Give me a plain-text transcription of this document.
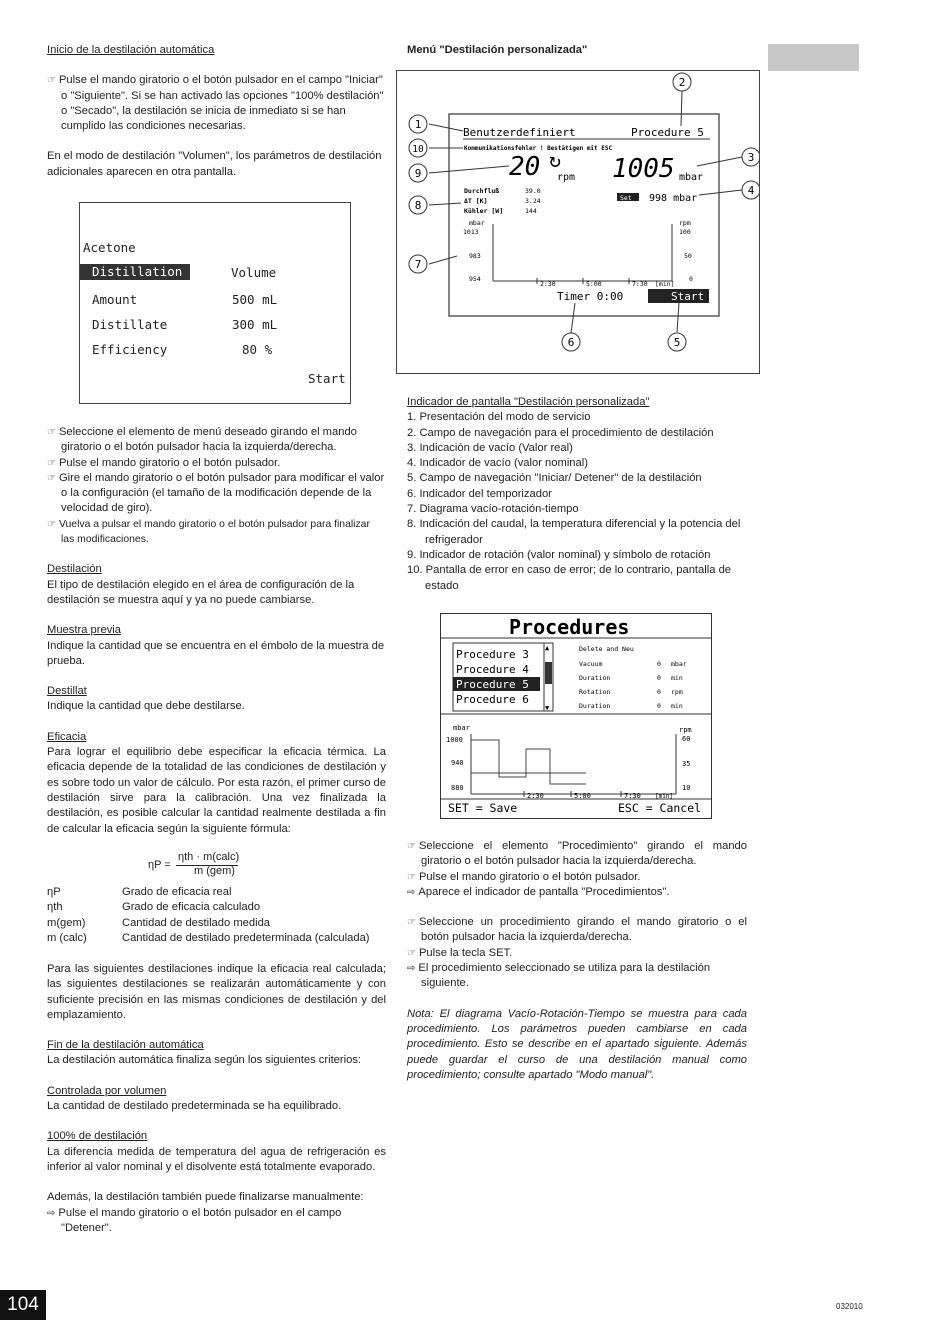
Inicio de la destilación automática

☞ Pulse el mando giratorio o el botón pulsador en el campo "Iniciar" o "Siguiente". Si se han activado las opciones "100% destilación" o "Secado", la destilación se inicia de inmediato si se han cumplido las condiciones necesarias.

En el modo de destilación "Volumen", los parámetros de destilación adicionales aparecen en otra pantalla.

Acetone
Distillation :
Volume
Amount	500 mL
Distillate	300 mL
Efficiency	80 %
Start

☞ Seleccione el elemento de menú deseado girando el mando giratorio o el botón pulsador hacia la izquierda/derecha.

☞ Pulse el mando giratorio o el botón pulsador.

☞ Gire el mando giratorio o el botón pulsador para modificar el valor o la configuración (el tamaño de la modificación depende de la velocidad de giro).

☞ Vuelva a pulsar el mando giratorio o el botón pulsador para finalizar las modificaciones.

Destilación

El tipo de destilación elegido en el área de configuración de la destilación se muestra aquí y ya no puede cambiarse.

Muestra previa

Indique la cantidad que se encuentra en el émbolo de la muestra de prueba.

Destillat

Indique la cantidad que debe destilarse.

Eficacia

Para lograr el equilibrio debe especificar la eficacia térmica. La eficacia depende de la totalidad de las condiciones de destilación y es sobre todo un valor de cálculo. Por esta razón, el primer curso de destilación sirve para la calibración. Una vez finalizada la destilación, es posible calcular la cantidad realmente destilada a fin de calcular la eficacia según la siguiente fórmula:

ηP =
ηth · m(calc)
m (gem)
ηP	Grado de eficacia real
ηth	Grado de eficacia calculado
m(gem)	Cantidad de destilado medida
m (calc)	Cantidad de destilado predeterminada (calculada)

Para las siguientes destilaciones indique la eficacia real calculada; las siguientes destilaciones se realizarán automáticamente y con suficiente precisión en las mismas condiciones de destilación y del emplazamiento.

Fin de la destilación automática

La destilación automática finaliza según los siguientes criterios:

Controlada por volumen

La cantidad de destilado predeterminada se ha equilibrado.

100% de destilación

La diferencia medida de temperatura del agua de refrigeración es inferior al valor nominal y el disolvente está totalmente evaporado.

Además, la destilación también puede finalizarse manualmente:

⇨ Pulse el mando giratorio o el botón pulsador en el campo "Detener".

Menú "Destilación personalizada"

1
2
3
4
5
6
7
8
9
10
Benutzerdefiniert	Procedure 5
Kommunikationsfehler ! Bestätigen mit ESC
20 ↻
rpm 1005 mbar
Set 998 mbar
Durchfluß	39.0
ΔT [K]	3.24
Kühler [W]	144
mbar
1013
983
954
rpm
100
50
0
2:30	5:00	7:30 [min]
Timer 0:00	Start

Indicador de pantalla "Destilación personalizada"

1. Presentación del modo de servicio

2. Campo de navegación para el procedimiento de destilación

3. Indicación de vacío (Valor real)

4. Indicador de vacío (valor nominal)

5. Campo de navegación "Iniciar/ Detener" de la destilación

6. Indicador del temporizador

7. Diagrama vacío-rotación-tiempo

8. Indicación del caudal, la temperatura diferencial y la potencia del refrigerador

9. Indicador de rotación (valor nominal) y símbolo de rotación

10. Pantalla de error en caso de error; de lo contrario, pantalla de estado

▲
▼
Procedures
Procedure 3
Procedure 4
Procedure 5
Procedure 6
Delete and Neu
Vacuum	0 mbar
Duration	0 min
Rotation	0 rpm
Duration	0 min
mbar
1000
940
880
rpm
60
35
10
2:30	5:00	7:30 [min]
SET = Save	ESC = Cancel

☞ Seleccione el elemento "Procedimiento" girando el mando giratorio o el botón pulsador hacia la izquierda/derecha.

☞ Pulse el mando giratorio o el botón pulsador.

⇨ Aparece el indicador de pantalla "Procedimientos".

☞ Seleccione un procedimiento girando el mando giratorio o el botón pulsador hacia la izquierda/derecha.

☞ Pulse la tecla SET.

⇨ El procedimiento seleccionado se utiliza para la destilación siguiente.

Nota: El diagrama Vacío-Rotación-Tiempo se muestra para cada procedimiento. Los parámetros pueden cambiarse en cada procedimiento. Esto se describe en el apartado siguiente. Además puede guardar el curso de una destilación manual como procedimiento; consulte apartado "Modo manual".

104	032010
